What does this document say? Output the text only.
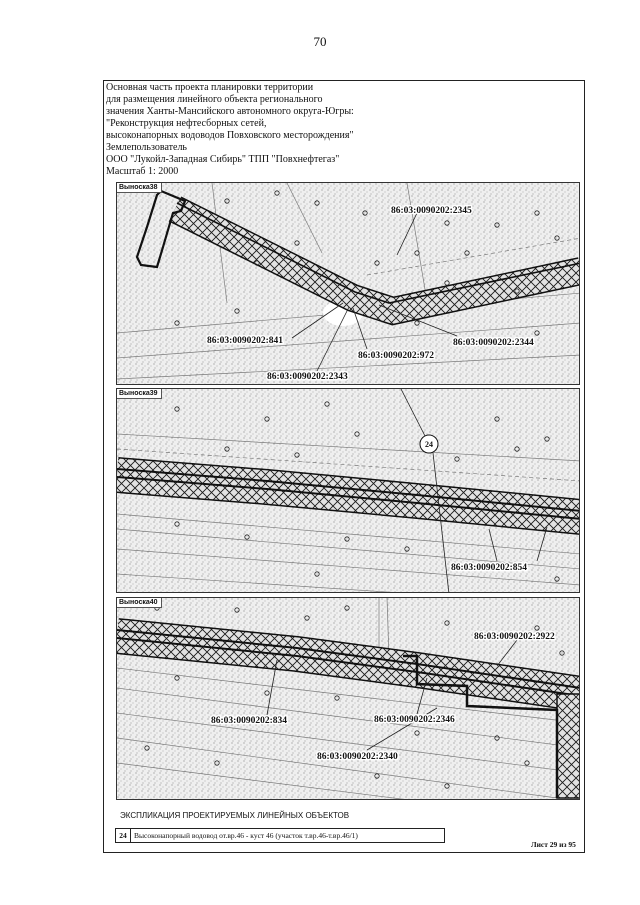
70
Основная часть проекта планировки территории
для размещения линейного объекта регионального
значения Ханты-Мансийского автономного округа-Югры:
"Реконструкция нефтесборных сетей,
высоконапорных водоводов Повховского месторождения"
Землепользователь
ООО "Лукойл-Западная Сибирь" ТПП "Повхнефтегаз"
Масштаб 1: 2000
86:03:0090202:2345
86:03:0090202:841
86:03:0090202:972
86:03:0090202:2344
86:03:0090202:2343
Выноска38
24
86:03:0090202:854
Выноска39
86:03:0090202:2922
86:03:0090202:834	86:03:0090202:2346
86:03:0090202:2340
Выноска40
ЭКСПЛИКАЦИЯ ПРОЕКТИРУЕМЫХ ЛИНЕЙНЫХ ОБЪЕКТОВ
24 Высоконапорный водовод от.вр.46 - куст 46 (участок т.вр.46-т.вр.46/1)
Лист 29 из 95
